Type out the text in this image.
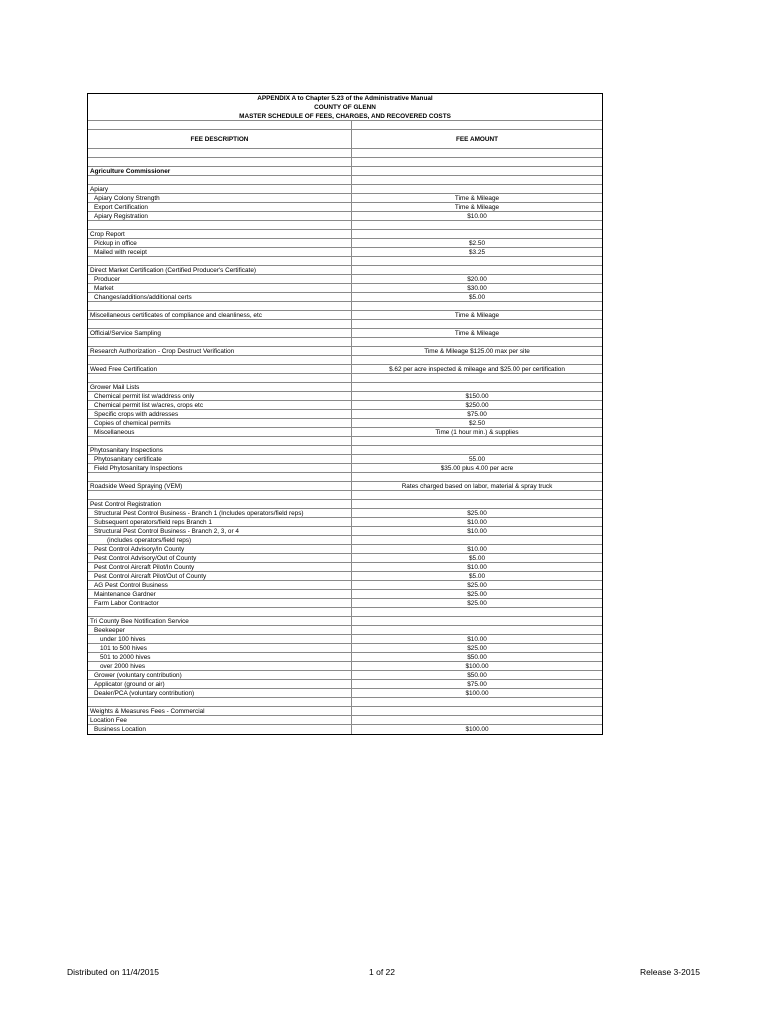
APPENDIX A to Chapter 5.23 of the Administrative Manual
COUNTY OF GLENN
MASTER SCHEDULE OF FEES, CHARGES, AND RECOVERED COSTS
FEE DESCRIPTION	FEE AMOUNT
Agriculture Commissioner
Apiary
Apiary Colony Strength	Time & Mileage
Export Certification	Time & Mileage
Apiary Registration	$10.00
Crop Report
Pickup in office	$2.50
Mailed with receipt	$3.25
Direct Market Certification (Certified Producer's Certificate)
Producer	$20.00
Market	$30.00
Changes/additions/additional certs	$5.00
Miscellaneous certificates of compliance and cleanliness, etc	Time & Mileage
Official/Service Sampling	Time & Mileage
Research Authorization - Crop Destruct Verification	Time & Mileage $125.00 max per site
Weed Free Certification	$.62 per acre inspected & mileage and $25.00 per certification
Grower Mail Lists
Chemical permit list w/address only	$150.00
Chemical permit list w/acres, crops etc	$250.00
Specific crops with addresses	$75.00
Copies of chemical permits	$2.50
Miscellaneous	Time (1 hour min.) & supplies
Phytosanitary Inspections
Phytosanitary certificate	55.00
Field Phytosanitary Inspections	$35.00 plus 4.00 per acre
Roadside Weed Spraying (VEM)	Rates charged based on labor, material & spray truck
Pest Control Registration
Structural Pest Control Business - Branch 1 (Includes operators/field reps)	$25.00
Subsequent operators/field reps Branch 1	$10.00
Structural Pest Control Business - Branch 2, 3, or 4	$10.00
(includes operators/field reps)
Pest Control Advisory/In County	$10.00
Pest Control Advisory/Out of County	$5.00
Pest Control Aircraft Pilot/In County	$10.00
Pest Control Aircraft Pilot/Out of County	$5.00
AG Pest Control Business	$25.00
Maintenance Gardner	$25.00
Farm Labor Contractor	$25.00
Tri County Bee Notification Service
Beekeeper
under 100 hives	$10.00
101 to 500 hives	$25.00
501 to 2000 hives	$50.00
over 2000 hives	$100.00
Grower (voluntary contribution)	$50.00
Applicator (ground or air)	$75.00
Dealer/PCA (voluntary contribution)	$100.00
Weights & Measures Fees - Commercial
Location Fee
Business Location	$100.00
Distributed on 11/4/2015	1 of 22	Release 3-2015
